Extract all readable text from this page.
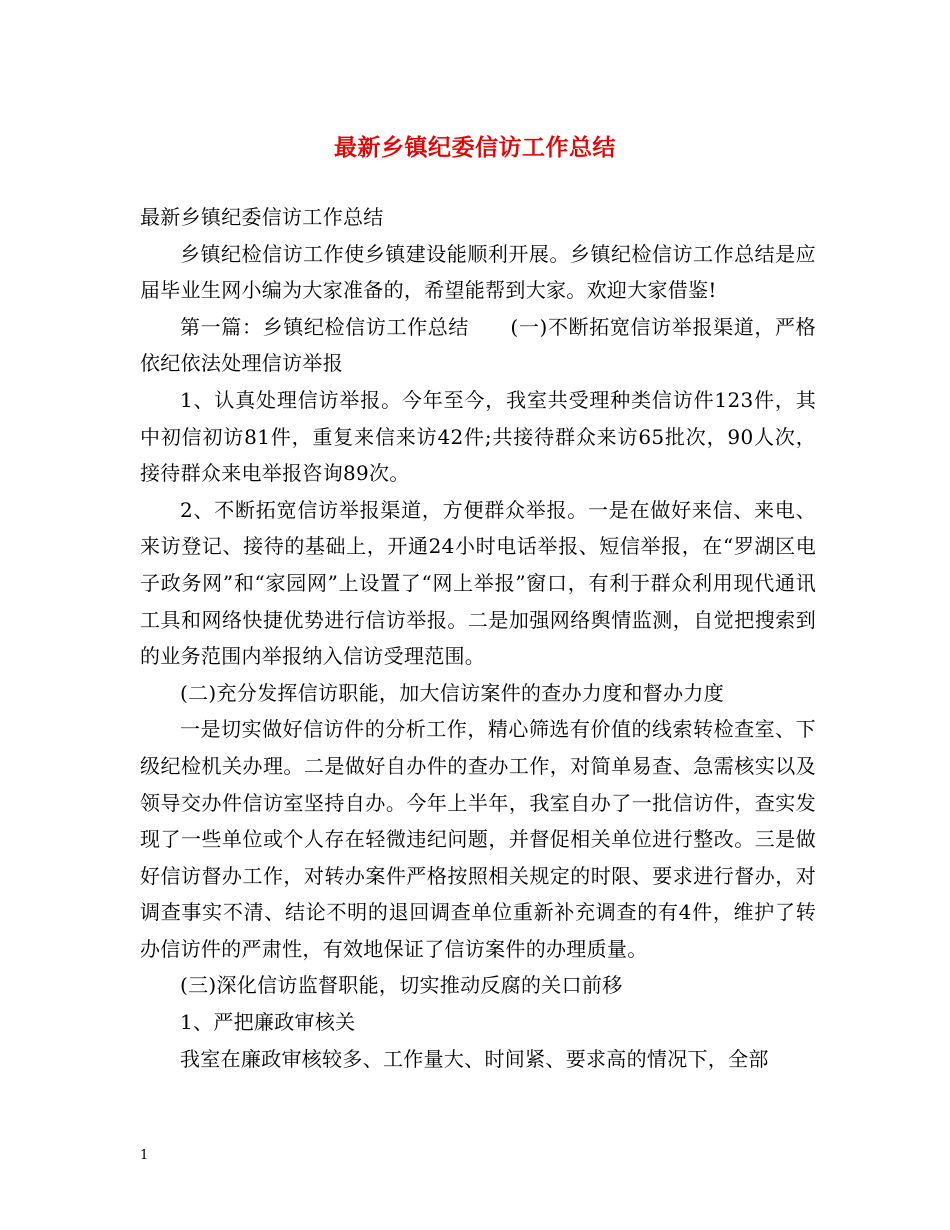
最新乡镇纪委信访工作总结

最新乡镇纪委信访工作总结

乡镇纪检信访工作使乡镇建设能顺利开展。乡镇纪检信访工作总结是应届毕业生网小编为大家准备的，希望能帮到大家。欢迎大家借鉴!

第一篇：乡镇纪检信访工作总结　　(一)不断拓宽信访举报渠道，严格依纪依法处理信访举报

1、认真处理信访举报。今年至今，我室共受理种类信访件123件，其中初信初访81件，重复来信来访42件;共接待群众来访65批次，90人次，接待群众来电举报咨询89次。

2、不断拓宽信访举报渠道，方便群众举报。一是在做好来信、来电、来访登记、接待的基础上，开通24小时电话举报、短信举报，在“罗湖区电子政务网”和“家园网”上设置了“网上举报”窗口，有利于群众利用现代通讯工具和网络快捷优势进行信访举报。二是加强网络舆情监测，自觉把搜索到的业务范围内举报纳入信访受理范围。

(二)充分发挥信访职能，加大信访案件的查办力度和督办力度

一是切实做好信访件的分析工作，精心筛选有价值的线索转检查室、下级纪检机关办理。二是做好自办件的查办工作，对简单易查、急需核实以及领导交办件信访室坚持自办。今年上半年，我室自办了一批信访件，查实发现了一些单位或个人存在轻微违纪问题，并督促相关单位进行整改。三是做好信访督办工作，对转办案件严格按照相关规定的时限、要求进行督办，对调查事实不清、结论不明的退回调查单位重新补充调查的有4件，维护了转办信访件的严肃性，有效地保证了信访案件的办理质量。

(三)深化信访监督职能，切实推动反腐的关口前移

1、严把廉政审核关

我室在廉政审核较多、工作量大、时间紧、要求高的情况下，全部

1
